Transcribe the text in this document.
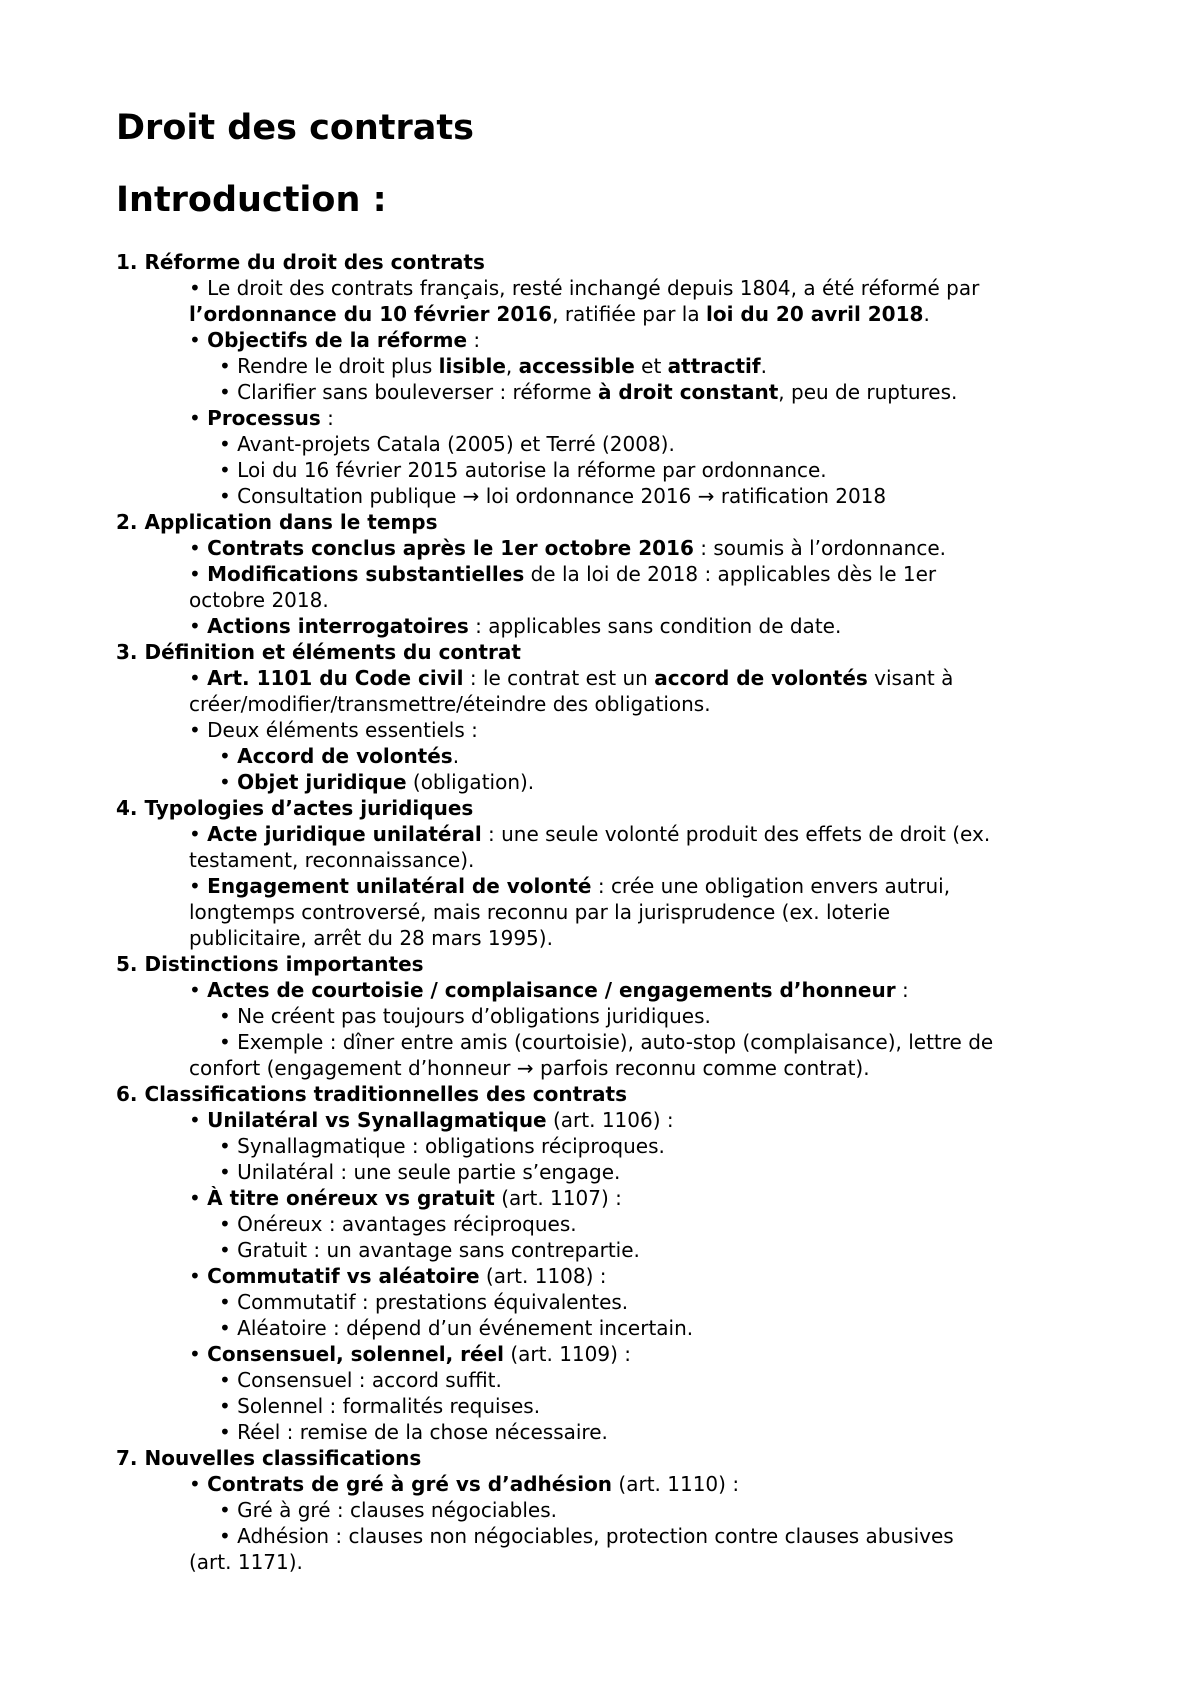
Droit des contrats
Introduction :
1. Réforme du droit des contrats
• Le droit des contrats français, resté inchangé depuis 1804, a été réformé par
l’ordonnance du 10 février 2016, ratifiée par la loi du 20 avril 2018.
• Objectifs de la réforme :
• Rendre le droit plus lisible, accessible et attractif.
• Clarifier sans bouleverser : réforme à droit constant, peu de ruptures.
• Processus :
• Avant-projets Catala (2005) et Terré (2008).
• Loi du 16 février 2015 autorise la réforme par ordonnance.
• Consultation publique → loi ordonnance 2016 → ratification 2018
2. Application dans le temps
• Contrats conclus après le 1er octobre 2016 : soumis à l’ordonnance.
• Modifications substantielles de la loi de 2018 : applicables dès le 1er
octobre 2018.
• Actions interrogatoires : applicables sans condition de date.
3. Définition et éléments du contrat
• Art. 1101 du Code civil : le contrat est un accord de volontés visant à
créer/modifier/transmettre/éteindre des obligations.
• Deux éléments essentiels :
• Accord de volontés.
• Objet juridique (obligation).
4. Typologies d’actes juridiques
• Acte juridique unilatéral : une seule volonté produit des effets de droit (ex.
testament, reconnaissance).
• Engagement unilatéral de volonté : crée une obligation envers autrui,
longtemps controversé, mais reconnu par la jurisprudence (ex. loterie
publicitaire, arrêt du 28 mars 1995).
5. Distinctions importantes
• Actes de courtoisie / complaisance / engagements d’honneur :
• Ne créent pas toujours d’obligations juridiques.
• Exemple : dîner entre amis (courtoisie), auto-stop (complaisance), lettre de
confort (engagement d’honneur → parfois reconnu comme contrat).
6. Classifications traditionnelles des contrats
• Unilatéral vs Synallagmatique (art. 1106) :
• Synallagmatique : obligations réciproques.
• Unilatéral : une seule partie s’engage.
• À titre onéreux vs gratuit (art. 1107) :
• Onéreux : avantages réciproques.
• Gratuit : un avantage sans contrepartie.
• Commutatif vs aléatoire (art. 1108) :
• Commutatif : prestations équivalentes.
• Aléatoire : dépend d’un événement incertain.
• Consensuel, solennel, réel (art. 1109) :
• Consensuel : accord suffit.
• Solennel : formalités requises.
• Réel : remise de la chose nécessaire.
7. Nouvelles classifications
• Contrats de gré à gré vs d’adhésion (art. 1110) :
• Gré à gré : clauses négociables.
• Adhésion : clauses non négociables, protection contre clauses abusives
(art. 1171).
